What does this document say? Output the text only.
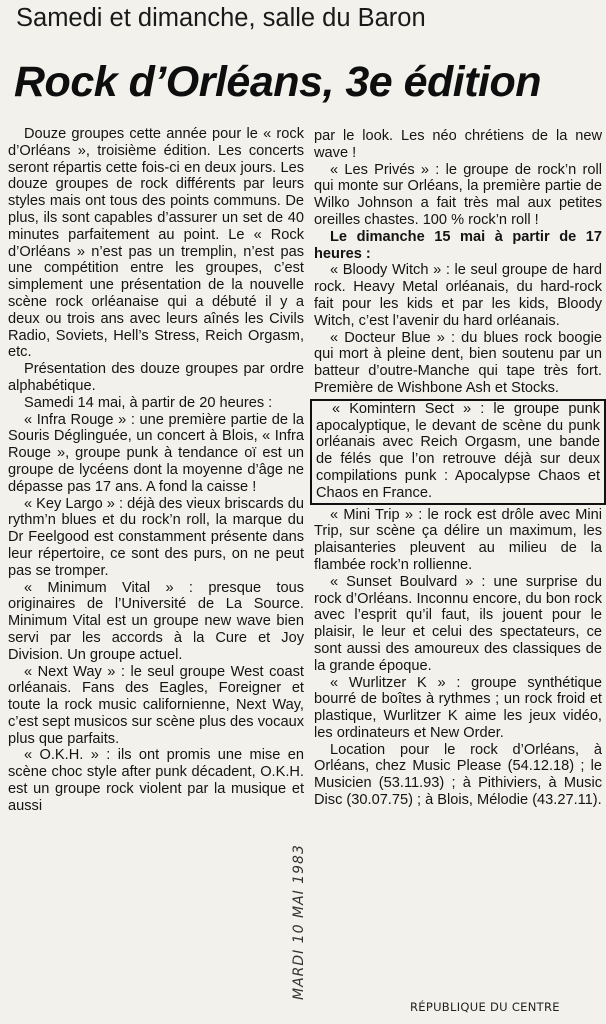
Samedi et dimanche, salle du Baron
Rock d’Orléans, 3e édition

Douze groupes cette année pour le « rock d’Orléans », troisième édition. Les concerts seront répartis cette fois-ci en deux jours. Les douze groupes de rock différents par leurs styles mais ont tous des points communs. De plus, ils sont capables d’assurer un set de 40 minutes parfaitement au point. Le « Rock d’Orléans » n’est pas un tremplin, n’est pas une compétition entre les groupes, c’est simplement une présentation de la nouvelle scène rock orléanaise qui a débuté il y a deux ou trois ans avec leurs aînés les Civils Radio, Soviets, Hell’s Stress, Reich Orgasm, etc.

Présentation des douze groupes par ordre alphabétique.

Samedi 14 mai, à partir de 20 heures :

« Infra Rouge » : une première partie de la Souris Déglinguée, un concert à Blois, « Infra Rouge », groupe punk à tendance oï est un groupe de lycéens dont la moyenne d’âge ne dépasse pas 17 ans. A fond la caisse !

« Key Largo » : déjà des vieux briscards du rythm’n blues et du rock’n roll, la marque du Dr Feelgood est constamment présente dans leur répertoire, ce sont des purs, on ne peut pas se tromper.

« Minimum Vital » : presque tous originaires de l’Université de La Source. Minimum Vital est un groupe new wave bien servi par les accords à la Cure et Joy Division. Un groupe actuel.

« Next Way » : le seul groupe West coast orléanais. Fans des Eagles, Foreigner et toute la rock music californienne, Next Way, c’est sept musicos sur scène plus des vocaux plus que parfaits.

« O.K.H. » : ils ont promis une mise en scène choc style after punk décadent, O.K.H. est un groupe rock violent par la musique et aussi

par le look. Les néo chrétiens de la new wave !

« Les Privés » : le groupe de rock’n roll qui monte sur Orléans, la première partie de Wilko Johnson a fait très mal aux petites oreilles chastes. 100 % rock’n roll !

Le dimanche 15 mai à partir de 17 heures :

« Bloody Witch » : le seul groupe de hard rock. Heavy Metal orléanais, du hard-rock fait pour les kids et par les kids, Bloody Witch, c’est l’avenir du hard orléanais.

« Docteur Blue » : du blues rock boogie qui mort à pleine dent, bien soutenu par un batteur d’outre-Manche qui tape très fort. Première de Wishbone Ash et Stocks.

« Komintern Sect » : le groupe punk apocalyptique, le devant de scène du punk orléanais avec Reich Orgasm, une bande de félés que l’on retrouve déjà sur deux compilations punk : Apocalypse Chaos et Chaos en France.

« Mini Trip » : le rock est drôle avec Mini Trip, sur scène ça délire un maximum, les plaisanteries pleuvent au milieu de la flambée rock’n rollienne.

« Sunset Boulvard » : une surprise du rock d’Orléans. Inconnu encore, du bon rock avec l’esprit qu’il faut, ils jouent pour le plaisir, le leur et celui des spectateurs, ce sont aussi des amoureux des classiques de la grande époque.

« Wurlitzer K » : groupe synthétique bourré de boîtes à rythmes ; un rock froid et plastique, Wurlitzer K aime les jeux vidéo, les ordinateurs et New Order.

Location pour le rock d’Orléans, à Orléans, chez Music Please (54.12.18) ; le Musicien (53.11.93) ; à Pithiviers, à Music Disc (30.07.75) ; à Blois, Mélodie (43.27.11).

MARDI 10 MAI 1983
RÉPUBLIQUE DU CENTRE
